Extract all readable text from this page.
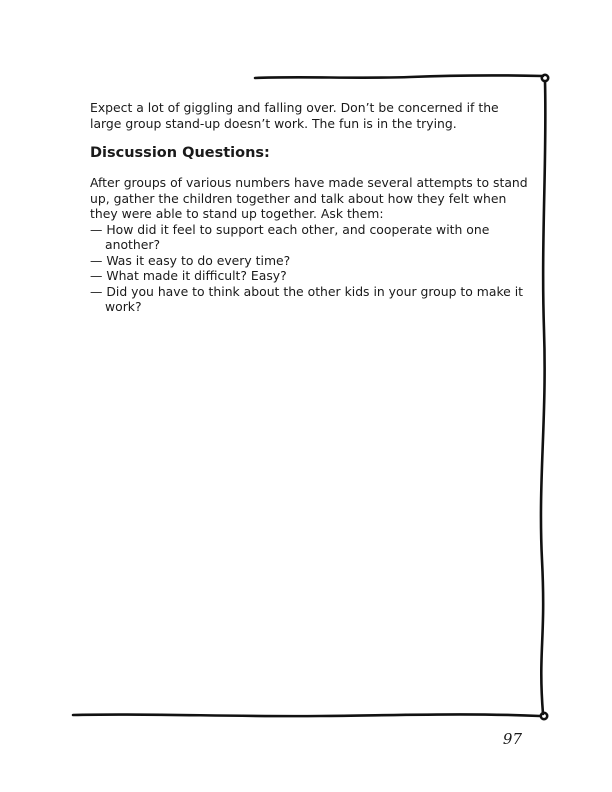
Expect a lot of giggling and falling over. Don’t be concerned if the large group stand-up doesn’t work. The fun is in the trying.

Discussion Questions:

After groups of various numbers have made several attempts to stand up, gather the children together and talk about how they felt when they were able to stand up together. Ask them:

— How did it feel to support each other, and cooperate with one another?
— Was it easy to do every time?
— What made it difficult? Easy?
— Did you have to think about the other kids in your group to make it work?
97
